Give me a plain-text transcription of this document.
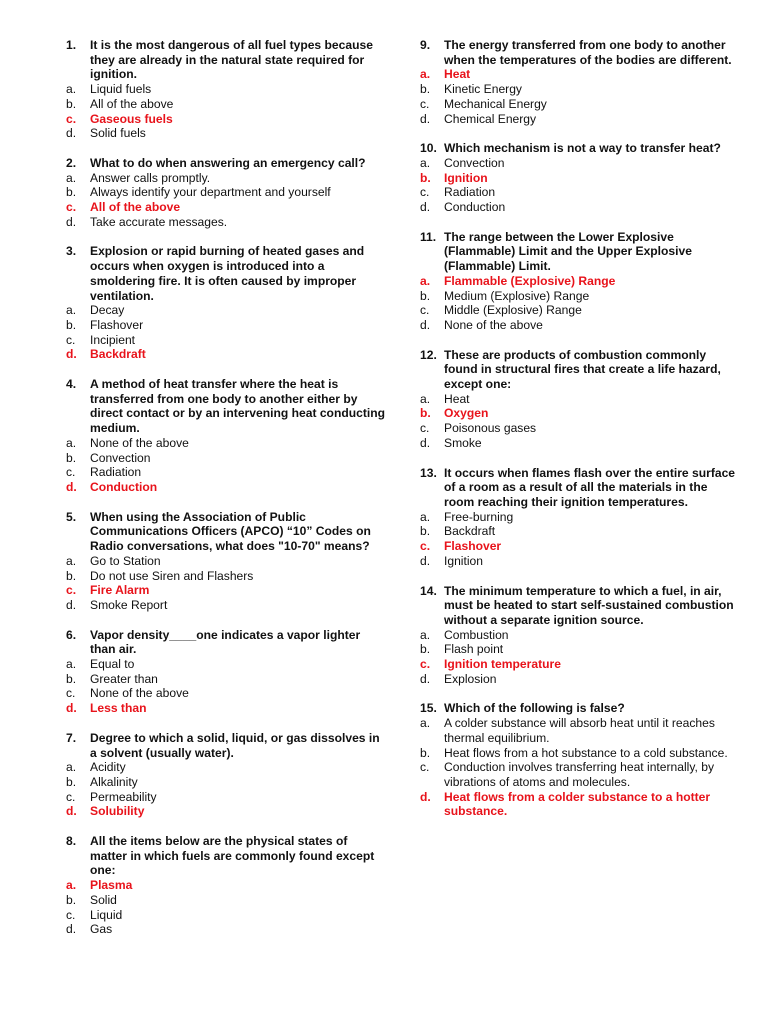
1.	It is the most dangerous of all fuel types because they are already in the natural state required for ignition.
a.	Liquid fuels
b.	All of the above
c.	Gaseous fuels
d.	Solid fuels
2.	What to do when answering an emergency call?
a.	Answer calls promptly.
b.	Always identify your department and yourself
c.	All of the above
d.	Take accurate messages.
3.	Explosion or rapid burning of heated gases and occurs when oxygen is introduced into a smoldering fire. It is often caused by improper ventilation.
a.	Decay
b.	Flashover
c.	Incipient
d.	Backdraft
4.	A method of heat transfer where the heat is transferred from one body to another either by direct contact or by an intervening heat conducting medium.
a.	None of the above
b.	Convection
c.	Radiation
d.	Conduction
5.	When using the Association of Public Communications Officers (APCO) “10” Codes on Radio conversations, what does "10-70" means?
a.	Go to Station
b.	Do not use Siren and Flashers
c.	Fire Alarm
d.	Smoke Report
6.	Vapor density____one indicates a vapor lighter than air.
a.	Equal to
b.	Greater than
c.	None of the above
d.	Less than
7.	Degree to which a solid, liquid, or gas dissolves in a solvent (usually water).
a.	Acidity
b.	Alkalinity
c.	Permeability
d.	Solubility
8.	All the items below are the physical states of matter in which fuels are commonly found except one:
a.	Plasma
b.	Solid
c.	Liquid
d.	Gas
9.	The energy transferred from one body to another when the temperatures of the bodies are different.
a.	Heat
b.	Kinetic Energy
c.	Mechanical Energy
d.	Chemical Energy
10. Which mechanism is not a way to transfer heat?
a.	Convection
b.	Ignition
c.	Radiation
d.	Conduction
11. The range between the Lower Explosive (Flammable) Limit and the Upper Explosive (Flammable) Limit.
a.	Flammable (Explosive) Range
b.	Medium (Explosive) Range
c.	Middle (Explosive) Range
d.	None of the above
12. These are products of combustion commonly found in structural fires that create a life hazard, except one:
a.	Heat
b.	Oxygen
c.	Poisonous gases
d.	Smoke
13. It occurs when flames flash over the entire surface of a room as a result of all the materials in the room reaching their ignition temperatures.
a.	Free-burning
b.	Backdraft
c.	Flashover
d.	Ignition
14. The minimum temperature to which a fuel, in air, must be heated to start self-sustained combustion without a separate ignition source.
a.	Combustion
b.	Flash point
c.	Ignition temperature
d.	Explosion
15. Which of the following is false?
a.	A colder substance will absorb heat until it reaches thermal equilibrium.
b.	Heat flows from a hot substance to a cold substance.
c.	Conduction involves transferring heat internally, by vibrations of atoms and molecules.
d.	Heat flows from a colder substance to a hotter substance.
